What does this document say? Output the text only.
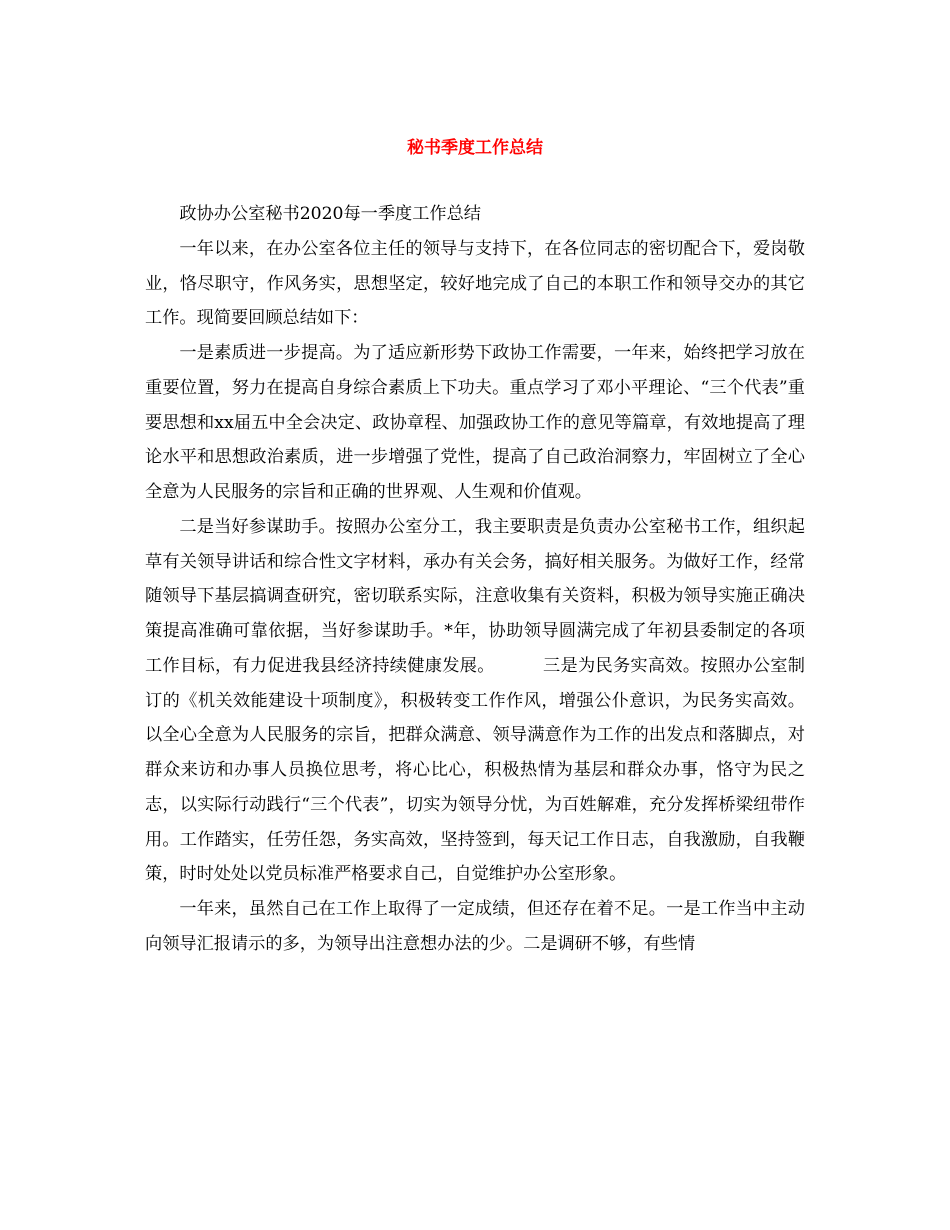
秘书季度工作总结

政协办公室秘书2020每一季度工作总结

一年以来，在办公室各位主任的领导与支持下，在各位同志的密切配合下，爱岗敬业，恪尽职守，作风务实，思想坚定，较好地完成了自己的本职工作和领导交办的其它工作。现简要回顾总结如下：

一是素质进一步提高。为了适应新形势下政协工作需要，一年来，始终把学习放在重要位置，努力在提高自身综合素质上下功夫。重点学习了邓小平理论、“三个代表”重要思想和xx届五中全会决定、政协章程、加强政协工作的意见等篇章，有效地提高了理论水平和思想政治素质，进一步增强了党性，提高了自己政治洞察力，牢固树立了全心全意为人民服务的宗旨和正确的世界观、人生观和价值观。

二是当好参谋助手。按照办公室分工，我主要职责是负责办公室秘书工作，组织起草有关领导讲话和综合性文字材料，承办有关会务，搞好相关服务。为做好工作，经常随领导下基层搞调查研究，密切联系实际，注意收集有关资料，积极为领导实施正确决策提高准确可靠依据，当好参谋助手。*年，协助领导圆满完成了年初县委制定的各项工作目标，有力促进我县经济持续健康发展。	三是为民务实高效。按照办公室制订的《机关效能建设十项制度》，积极转变工作作风，增强公仆意识，为民务实高效。以全心全意为人民服务的宗旨，把群众满意、领导满意作为工作的出发点和落脚点，对群众来访和办事人员换位思考，将心比心，积极热情为基层和群众办事，恪守为民之志，以实际行动践行“三个代表”，切实为领导分忧，为百姓解难，充分发挥桥梁纽带作用。工作踏实，任劳任怨，务实高效，坚持签到，每天记工作日志，自我激励，自我鞭策，时时处处以党员标准严格要求自己，自觉维护办公室形象。

一年来，虽然自己在工作上取得了一定成绩，但还存在着不足。一是工作当中主动向领导汇报请示的多，为领导出注意想办法的少。二是调研不够，有些情
